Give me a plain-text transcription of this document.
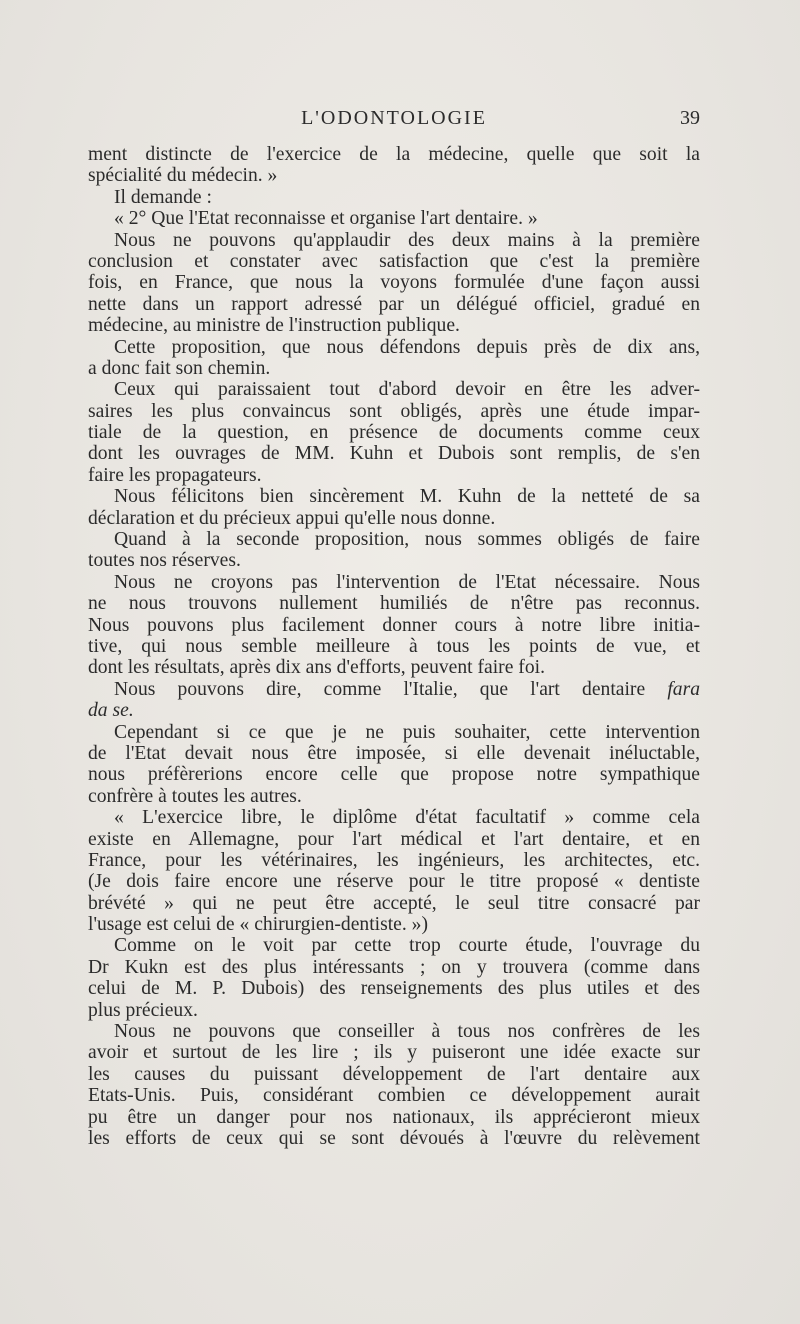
L'ODONTOLOGIE	39
ment distincte de l'exercice de la médecine, quelle que soit la
spécialité du médecin. »
Il demande :
« 2° Que l'Etat reconnaisse et organise l'art dentaire. »
Nous ne pouvons qu'applaudir des deux mains à la première
conclusion et constater avec satisfaction que c'est la première
fois, en France, que nous la voyons formulée d'une façon aussi
nette dans un rapport adressé par un délégué officiel, gradué en
médecine, au ministre de l'instruction publique.
Cette proposition, que nous défendons depuis près de dix ans,
a donc fait son chemin.
Ceux qui paraissaient tout d'abord devoir en être les adver-
saires les plus convaincus sont obligés, après une étude impar-
tiale de la question, en présence de documents comme ceux
dont les ouvrages de MM. Kuhn et Dubois sont remplis, de s'en
faire les propagateurs.
Nous félicitons bien sincèrement M. Kuhn de la netteté de sa
déclaration et du précieux appui qu'elle nous donne.
Quand à la seconde proposition, nous sommes obligés de faire
toutes nos réserves.
Nous ne croyons pas l'intervention de l'Etat nécessaire. Nous
ne nous trouvons nullement humiliés de n'être pas reconnus.
Nous pouvons plus facilement donner cours à notre libre initia-
tive, qui nous semble meilleure à tous les points de vue, et
dont les résultats, après dix ans d'efforts, peuvent faire foi.
Nous pouvons dire, comme l'Italie, que l'art dentaire fara
da se.
Cependant si ce que je ne puis souhaiter, cette intervention
de l'Etat devait nous être imposée, si elle devenait inéluctable,
nous préfèrerions encore celle que propose notre sympathique
confrère à toutes les autres.
« L'exercice libre, le diplôme d'état facultatif » comme cela
existe en Allemagne, pour l'art médical et l'art dentaire, et en
France, pour les vétérinaires, les ingénieurs, les architectes, etc.
(Je dois faire encore une réserve pour le titre proposé « dentiste
brévété » qui ne peut être accepté, le seul titre consacré par
l'usage est celui de « chirurgien-dentiste. »)
Comme on le voit par cette trop courte étude, l'ouvrage du
Dr Kukn est des plus intéressants ; on y trouvera (comme dans
celui de M. P. Dubois) des renseignements des plus utiles et des
plus précieux.
Nous ne pouvons que conseiller à tous nos confrères de les
avoir et surtout de les lire ; ils y puiseront une idée exacte sur
les causes du puissant développement de l'art dentaire aux
Etats-Unis. Puis, considérant combien ce développement aurait
pu être un danger pour nos nationaux, ils apprécieront mieux
les efforts de ceux qui se sont dévoués à l'œuvre du relèvement
